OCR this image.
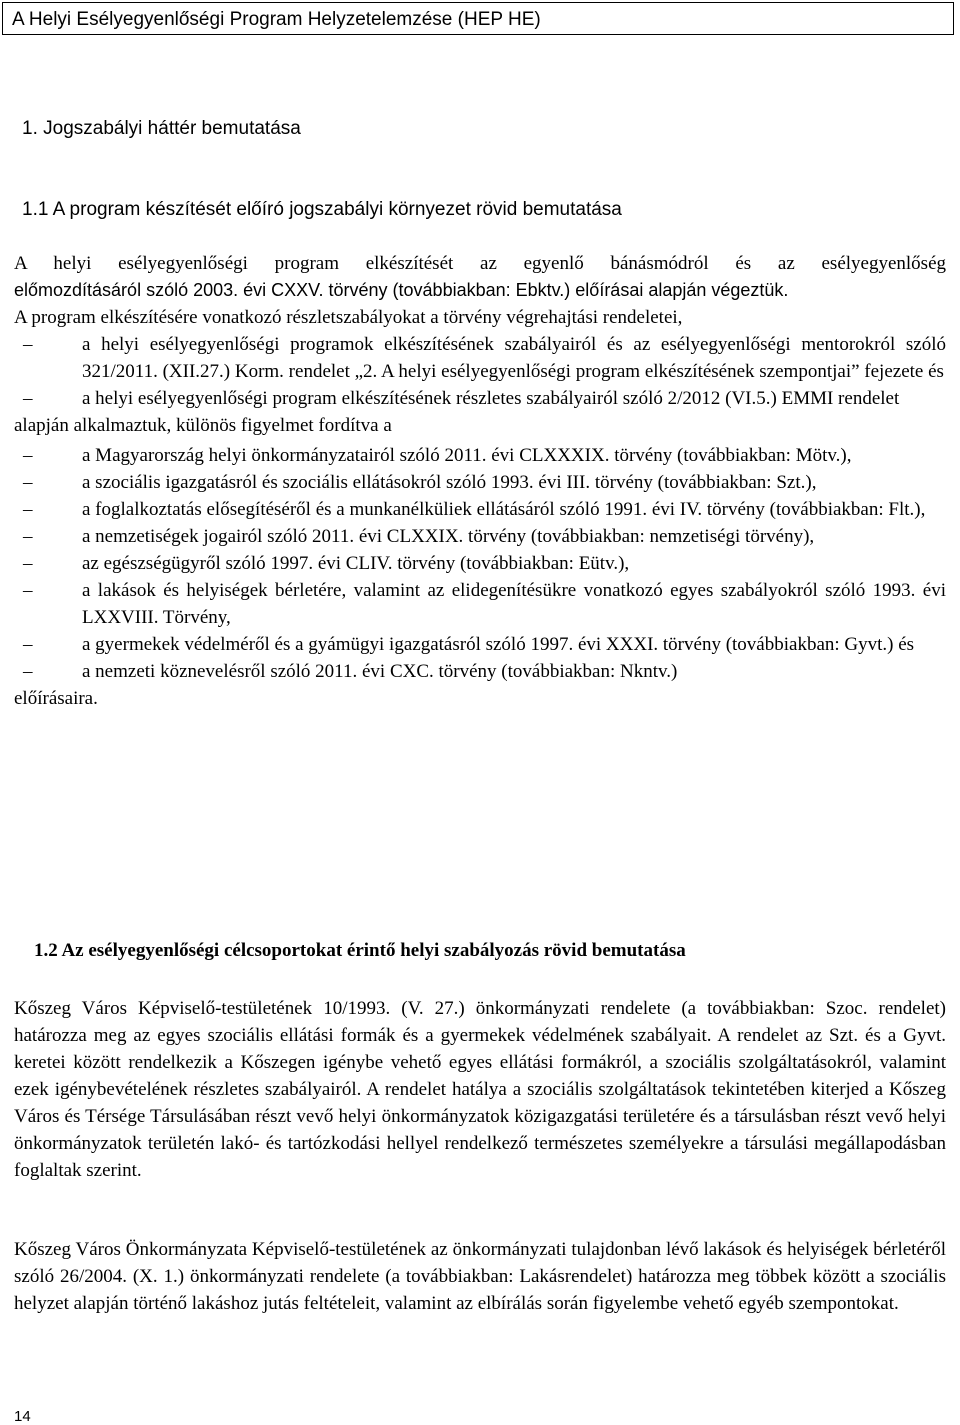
A Helyi Esélyegyenlőségi Program Helyzetelemzése (HEP HE)
1. Jogszabályi háttér bemutatása
1.1 A program készítését előíró jogszabályi környezet rövid bemutatása

A helyi esélyegyenlőségi program elkészítését az egyenlő bánásmódról és az esélyegyenlőség

előmozdításáról szóló 2003. évi CXXV. törvény (továbbiakban: Ebktv.) előírásai alapján végeztük.

A program elkészítésére vonatkozó részletszabályokat a törvény végrehajtási rendeletei,

–	a helyi esélyegyenlőségi programok elkészítésének szabályairól és az esélyegyenlőségi mentorokról szóló 321/2011. (XII.27.) Korm. rendelet „2. A helyi esélyegyenlőségi program elkészítésének szempontjai” fejezete és
–	a helyi esélyegyenlőségi program elkészítésének részletes szabályairól szóló 2/2012 (VI.5.) EMMI rendelet

alapján alkalmaztuk, különös figyelmet fordítva a

–	a Magyarország helyi önkormányzatairól szóló 2011. évi CLXXXIX. törvény (továbbiakban: Mötv.),
–	a szociális igazgatásról és szociális ellátásokról szóló 1993. évi III. törvény (továbbiakban: Szt.),
–	a foglalkoztatás elősegítéséről és a munkanélküliek ellátásáról szóló 1991. évi IV. törvény (továbbiakban: Flt.),
–	a nemzetiségek jogairól szóló 2011. évi CLXXIX. törvény (továbbiakban: nemzetiségi törvény),
–	az egészségügyről szóló 1997. évi CLIV. törvény (továbbiakban: Eütv.),
–	a lakások és helyiségek bérletére, valamint az elidegenítésükre vonatkozó egyes szabályokról szóló 1993. évi LXXVIII. Törvény,
–	a gyermekek védelméről és a gyámügyi igazgatásról szóló 1997. évi XXXI. törvény (továbbiakban: Gyvt.) és
–	a nemzeti köznevelésről szóló 2011. évi CXC. törvény (továbbiakban: Nkntv.)

előírásaira.

1.2 Az esélyegyenlőségi célcsoportokat érintő helyi szabályozás rövid bemutatása

Kőszeg Város Képviselő-testületének 10/1993. (V. 27.) önkormányzati rendelete (a továbbiakban: Szoc. rendelet) határozza meg az egyes szociális ellátási formák és a gyermekek védelmének szabályait. A rendelet az Szt. és a Gyvt. keretei között rendelkezik a Kőszegen igénybe vehető egyes ellátási formákról, a szociális szolgáltatásokról, valamint ezek igénybevételének részletes szabályairól. A rendelet hatálya a szociális szolgáltatások tekintetében kiterjed a Kőszeg Város és Térsége Társulásában részt vevő helyi önkormányzatok közigazgatási területére és a társulásban részt vevő helyi önkormányzatok területén lakó- és tartózkodási hellyel rendelkező természetes személyekre a társulási megállapodásban foglaltak szerint.

Kőszeg Város Önkormányzata Képviselő-testületének az önkormányzati tulajdonban lévő lakások és helyiségek bérletéről szóló 26/2004. (X. 1.) önkormányzati rendelete (a továbbiakban: Lakásrendelet) határozza meg többek között a szociális helyzet alapján történő lakáshoz jutás feltételeit, valamint az elbírálás során figyelembe vehető egyéb szempontokat.

14
